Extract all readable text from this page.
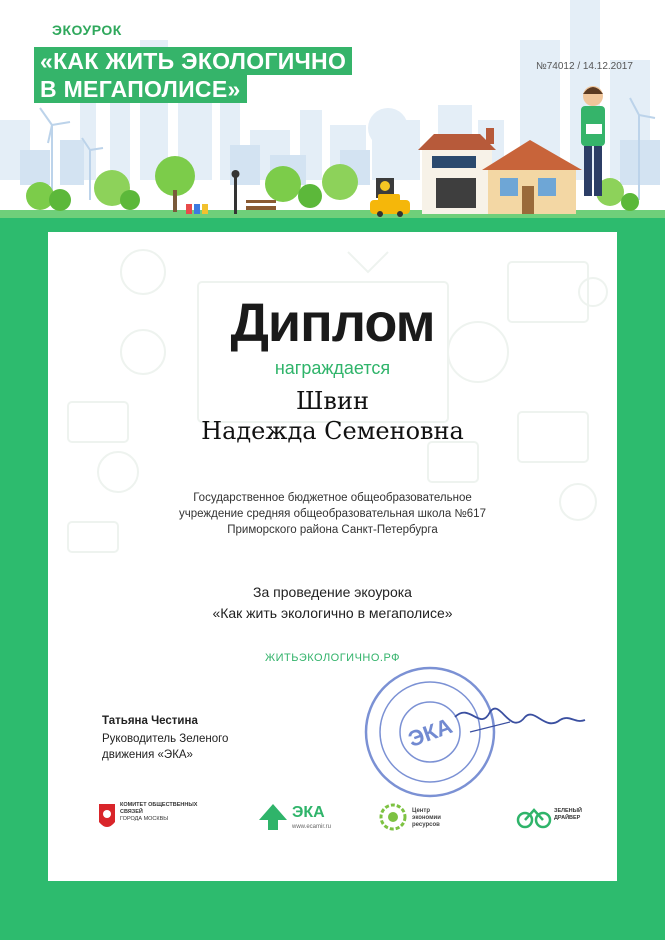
ЭКОУРОК
«КАК ЖИТЬ ЭКОЛОГИЧНО
В МЕГАПОЛИСЕ»
№74012 / 14.12.2017
Диплом
награждается
Швин
Надежда Семеновна
Государственное бюджетное общеобразовательное
учреждение средняя общеобразовательная школа №617
Приморского района Санкт-Петербурга
За проведение экоурока
«Как жить экологично в мегаполисе»
ЖИТЬЭКОЛОГИЧНО.РФ
Татьяна Честина
Руководитель Зеленого
движения «ЭКА»
ЭКА
КОМИТЕТ ОБЩЕСТВЕННЫХ
СВЯЗЕЙ
ГОРОДА МОСКВЫ	ЭКА
www.ecamir.ru
Центр
экономии
ресурсов
ЗЕЛЕНЫЙ
ДРАЙВЕР
